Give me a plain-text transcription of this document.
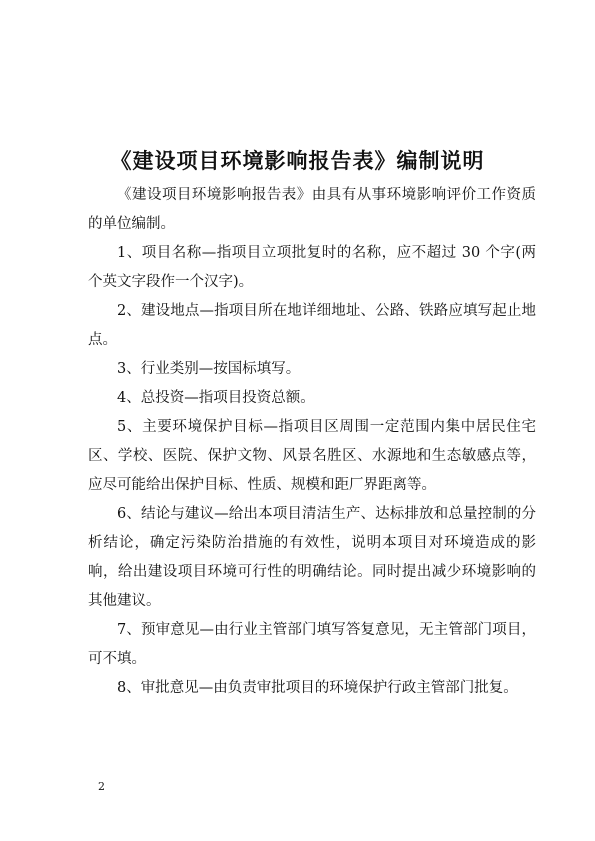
《建设项目环境影响报告表》编制说明

《建设项目环境影响报告表》由具有从事环境影响评价工作资质的单位编制。

1、项目名称—指项目立项批复时的名称，应不超过 30 个字(两个英文字段作一个汉字)。

2、建设地点—指项目所在地详细地址、公路、铁路应填写起止地点。

3、行业类别—按国标填写。

4、总投资—指项目投资总额。

5、主要环境保护目标—指项目区周围一定范围内集中居民住宅区、学校、医院、保护文物、风景名胜区、水源地和生态敏感点等，应尽可能给出保护目标、性质、规模和距厂界距离等。

6、结论与建议—给出本项目清洁生产、达标排放和总量控制的分析结论，确定污染防治措施的有效性，说明本项目对环境造成的影响，给出建设项目环境可行性的明确结论。同时提出减少环境影响的其他建议。

7、预审意见—由行业主管部门填写答复意见，无主管部门项目，可不填。

8、审批意见—由负责审批项目的环境保护行政主管部门批复。

2
